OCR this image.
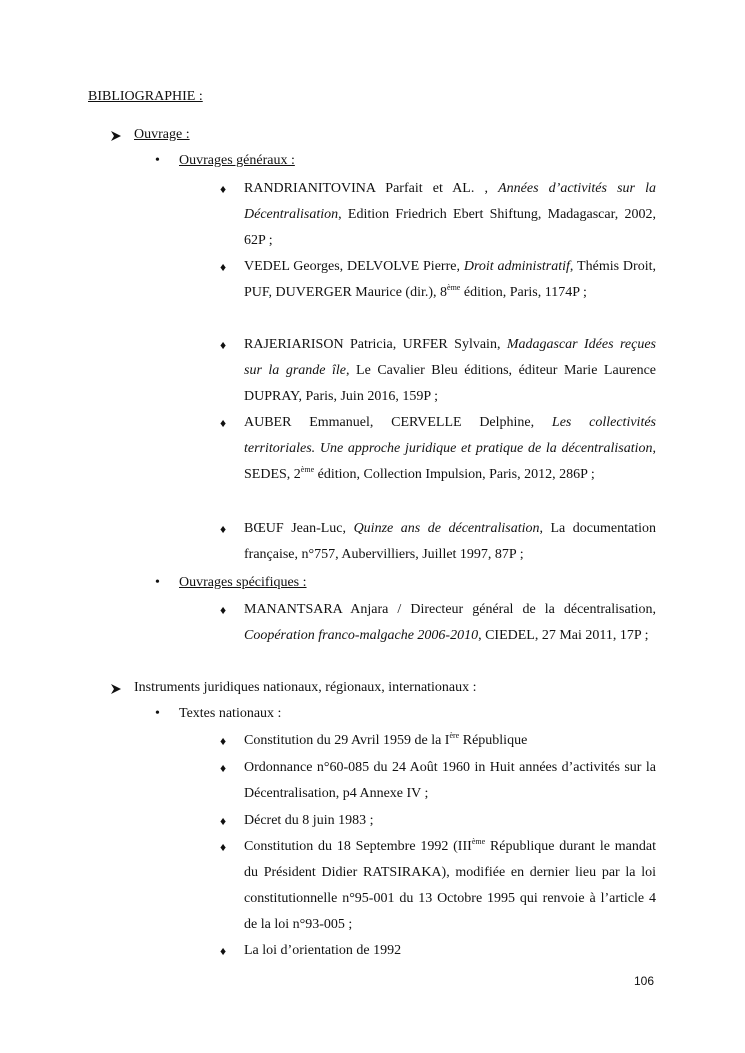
BIBLIOGRAPHIE :
Ouvrage :
• Ouvrages généraux :
♦ RANDRIANITOVINA Parfait et AL. , Années d’activités sur la Décentralisation, Edition Friedrich Ebert Shiftung, Madagascar, 2002, 62P ;
♦ VEDEL Georges, DELVOLVE Pierre, Droit administratif, Thémis Droit, PUF, DUVERGER Maurice (dir.), 8ème édition, Paris, 1174P ;
♦ RAJERIARISON Patricia, URFER Sylvain, Madagascar Idées reçues sur la grande île, Le Cavalier Bleu éditions, éditeur Marie Laurence DUPRAY, Paris, Juin 2016, 159P ;
♦ AUBER Emmanuel, CERVELLE Delphine, Les collectivités territoriales. Une approche juridique et pratique de la décentralisation, SEDES, 2ème édition, Collection Impulsion, Paris, 2012, 286P ;
♦ BŒUF Jean-Luc, Quinze ans de décentralisation, La documentation française, n°757, Aubervilliers, Juillet 1997, 87P ;
• Ouvrages spécifiques :
♦ MANANTSARA Anjara / Directeur général de la décentralisation, Coopération franco-malgache 2006-2010, CIEDEL, 27 Mai 2011, 17P ;
Instruments juridiques nationaux, régionaux, internationaux :
• Textes nationaux :
♦ Constitution du 29 Avril 1959 de la Ière République
♦ Ordonnance n°60-085 du 24 Août 1960 in Huit années d’activités sur la Décentralisation, p4 Annexe IV ;
♦ Décret du 8 juin 1983 ;
♦ Constitution du 18 Septembre 1992 (IIIème République durant le mandat du Président Didier RATSIRAKA), modifiée en dernier lieu par la loi constitutionnelle n°95-001 du 13 Octobre 1995 qui renvoie à l’article 4 de la loi n°93-005 ;
♦ La loi d’orientation de 1992
106
